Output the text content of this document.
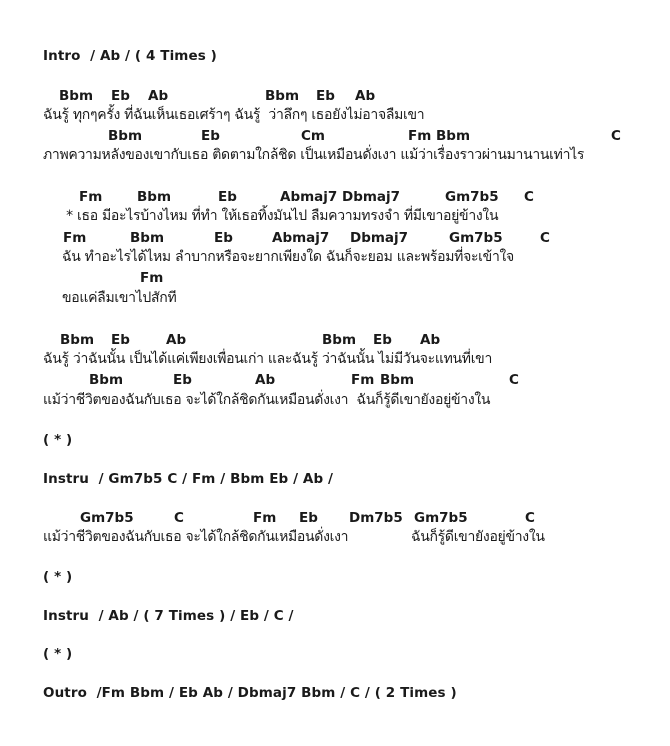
Intro  / Ab / ( 4 Times )
Bbm Eb Ab	Bbm Eb Ab
ฉันรู้ ทุกๆครั้ง ที่ฉันเห็นเธอเศร้าๆ ฉันรู้  ว่าลึกๆ เธอยังไม่อาจลืมเขา
Bbm	Eb	Cm	Fm Bbm	C
ภาพความหลังของเขากับเธอ ติดตามใกล้ชิด เป็นเหมือนดั่งเงา แม้ว่าเรื่องราวผ่านมานานเท่าไร
Fm	Bbm	Eb	Abmaj7 Dbmaj7	Gm7b5 C
* เธอ มีอะไรบ้างไหม ที่ทำ ให้เธอทิ้งมันไป ลืมความทรงจำ ที่มีเขาอยู่ข้างใน
Fm	Bbm	Eb	Abmaj7 Dbmaj7	Gm7b5	C
ฉัน ทำอะไรได้ไหม ลำบากหรือจะยากเพียงใด ฉันก็จะยอม และพร้อมที่จะเข้าใจ
Fm
ขอแค่ลืมเขาไปสักที
Bbm Eb	Ab	Bbm Eb Ab
ฉันรู้ ว่าฉันนั้น เป็นได้แค่เพียงเพื่อนเก่า และฉันรู้ ว่าฉันนั้น ไม่มีวันจะแทนที่เขา
Bbm	Eb	Ab	Fm Bbm	C
แม้ว่าชีวิตของฉันกับเธอ จะได้ใกล้ชิดกันเหมือนดั่งเงา  ฉันก็รู้ดีเขายังอยู่ข้างใน
( * )
Instru  / Gm7b5 C / Fm / Bbm Eb / Ab /
Gm7b5	C	Fm Eb Dm7b5 Gm7b5	C
แม้ว่าชีวิตของฉันกับเธอ จะได้ใกล้ชิดกันเหมือนดั่งเงา	ฉันก็รู้ดีเขายังอยู่ข้างใน
( * )
Instru  / Ab / ( 7 Times ) / Eb / C /
( * )
Outro  /Fm Bbm / Eb Ab / Dbmaj7 Bbm / C / ( 2 Times )
